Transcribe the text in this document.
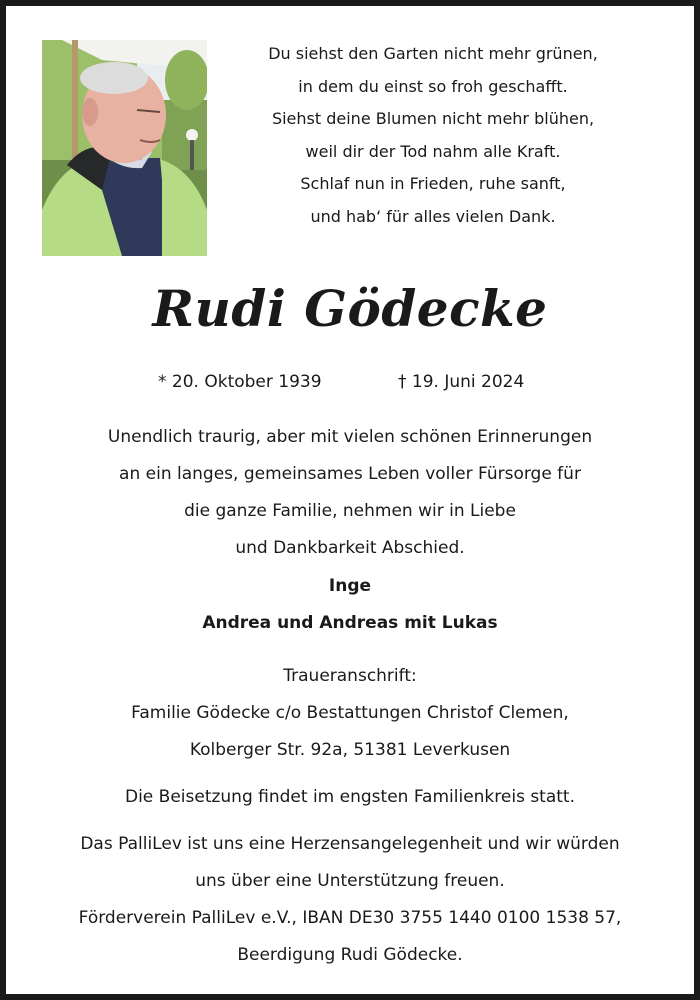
Du siehst den Garten nicht mehr grünen,
in dem du einst so froh geschafft.
Siehst deine Blumen nicht mehr blühen,
weil dir der Tod nahm alle Kraft.
Schlaf nun in Frieden, ruhe sanft,
und hab‘ für alles vielen Dank.
Rudi Gödecke
* 20. Oktober 1939	† 19. Juni 2024
Unendlich traurig, aber mit vielen schönen Erinnerungen
an ein langes, gemeinsames Leben voller Fürsorge für
die ganze Familie, nehmen wir in Liebe
und Dankbarkeit Abschied.
Inge
Andrea und Andreas mit Lukas
Traueranschrift:
Familie Gödecke c/o Bestattungen Christof Clemen,
Kolberger Str. 92a, 51381 Leverkusen
Die Beisetzung findet im engsten Familienkreis statt.
Das PalliLev ist uns eine Herzensangelegenheit und wir würden
uns über eine Unterstützung freuen.
Förderverein PalliLev e.V., IBAN DE30 3755 1440 0100 1538 57,
Beerdigung Rudi Gödecke.
